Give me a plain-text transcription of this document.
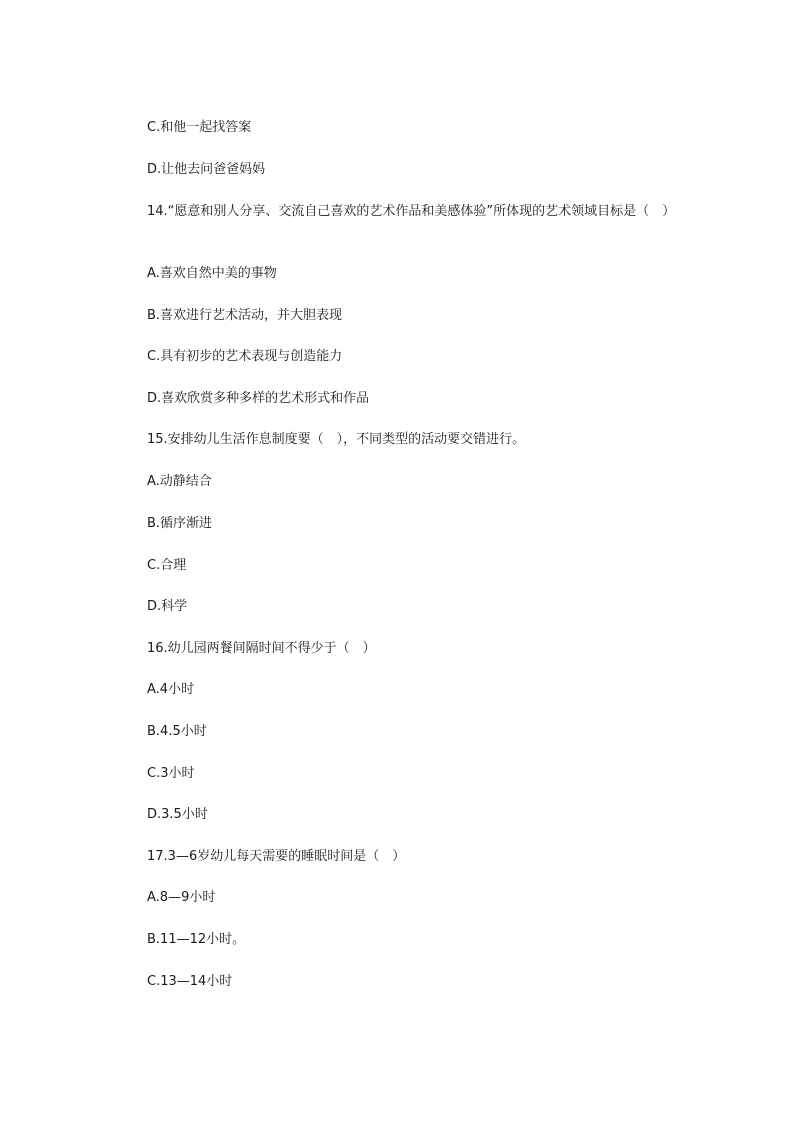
C.和他一起找答案
D.让他去问爸爸妈妈
14.“愿意和别人分享、交流自己喜欢的艺术作品和美感体验”所体现的艺术领域目标是（　）
A.喜欢自然中美的事物
B.喜欢进行艺术活动，并大胆表现
C.具有初步的艺术表现与创造能力
D.喜欢欣赏多种多样的艺术形式和作品
15.安排幼儿生活作息制度要（　），不同类型的活动要交错进行。
A.动静结合
B.循序渐进
C.合理
D.科学
16.幼儿园两餐间隔时间不得少于（　）
A.4小时
B.4.5小时
C.3小时
D.3.5小时
17.3—6岁幼儿每天需要的睡眠时间是（　）
A.8—9小时
B.11—12小时。
C.13—14小时
